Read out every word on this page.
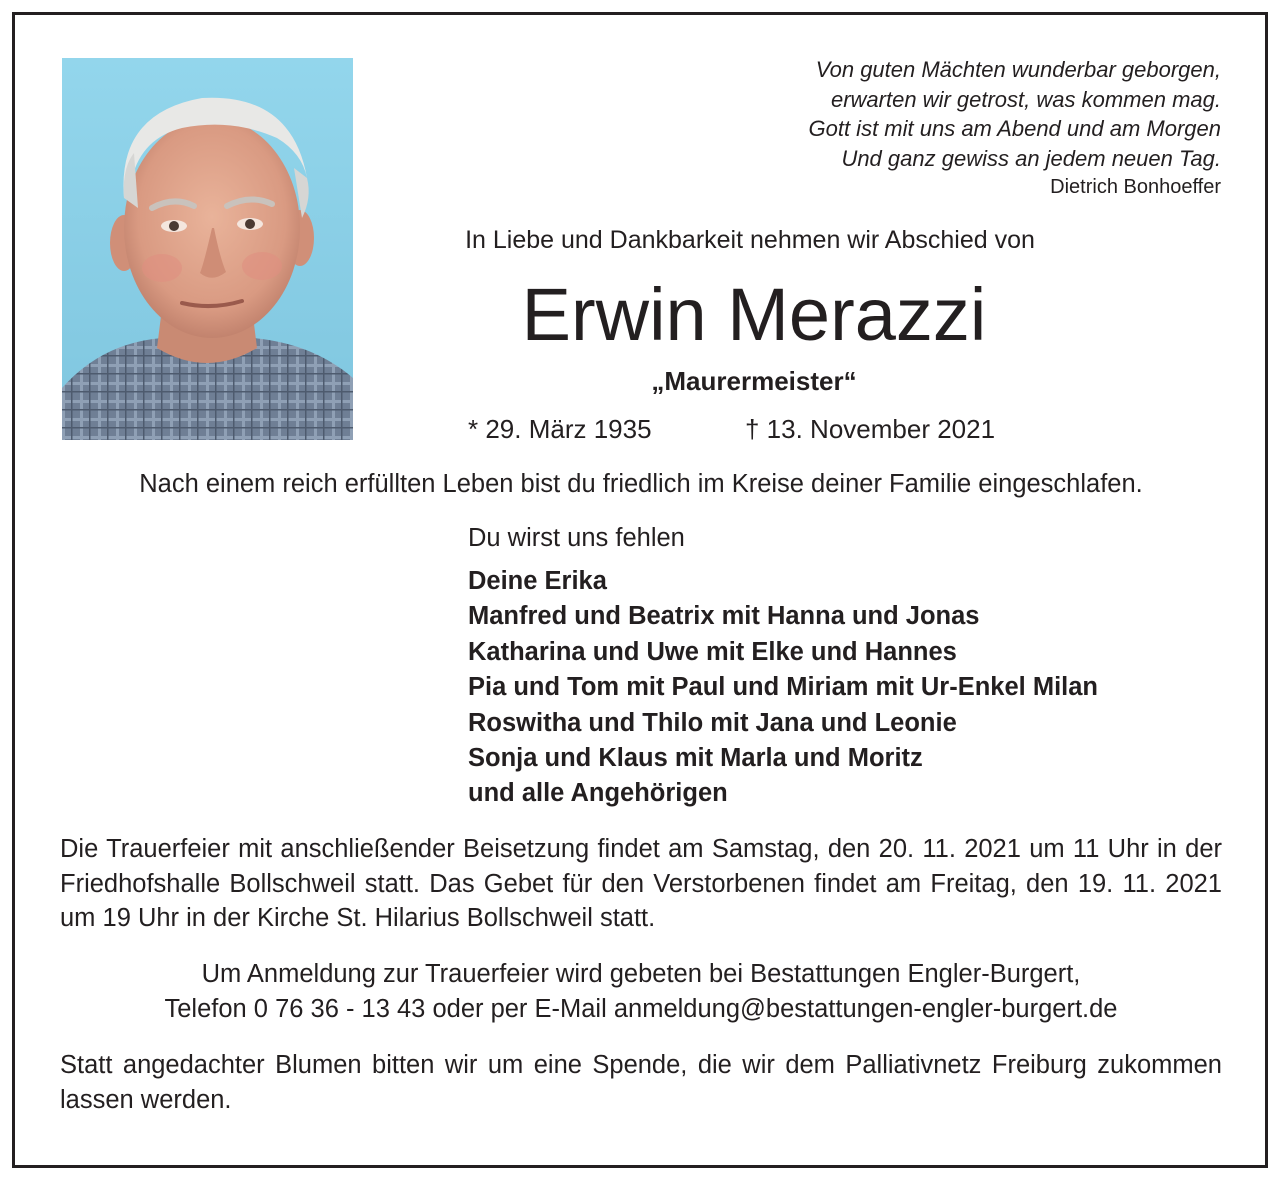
Von guten Mächten wunderbar geborgen,
erwarten wir getrost, was kommen mag.
Gott ist mit uns am Abend und am Morgen
Und ganz gewiss an jedem neuen Tag.
Dietrich Bonhoeffer
In Liebe und Dankbarkeit nehmen wir Abschied von
Erwin Merazzi
„Maurermeister“
* 29. März 1935	† 13. November 2021
Nach einem reich erfüllten Leben bist du friedlich im Kreise deiner Familie eingeschlafen.
Du wirst uns fehlen
Deine Erika
Manfred und Beatrix mit Hanna und Jonas
Katharina und Uwe mit Elke und Hannes
Pia und Tom mit Paul und Miriam mit Ur-Enkel Milan
Roswitha und Thilo mit Jana und Leonie
Sonja und Klaus mit Marla und Moritz
und alle Angehörigen
Die Trauerfeier mit anschließender Beisetzung findet am Samstag, den 20. 11. 2021 um 11 Uhr in der Friedhofshalle Bollschweil statt. Das Gebet für den Verstorbenen findet am Freitag, den 19. 11. 2021 um 19 Uhr in der Kirche St. Hilarius Bollschweil statt.
Um Anmeldung zur Trauerfeier wird gebeten bei Bestattungen Engler-Burgert,
Telefon 0 76 36 - 13 43 oder per E-Mail anmeldung@bestattungen-engler-burgert.de
Statt angedachter Blumen bitten wir um eine Spende, die wir dem Palliativnetz Freiburg zukommen lassen werden.
